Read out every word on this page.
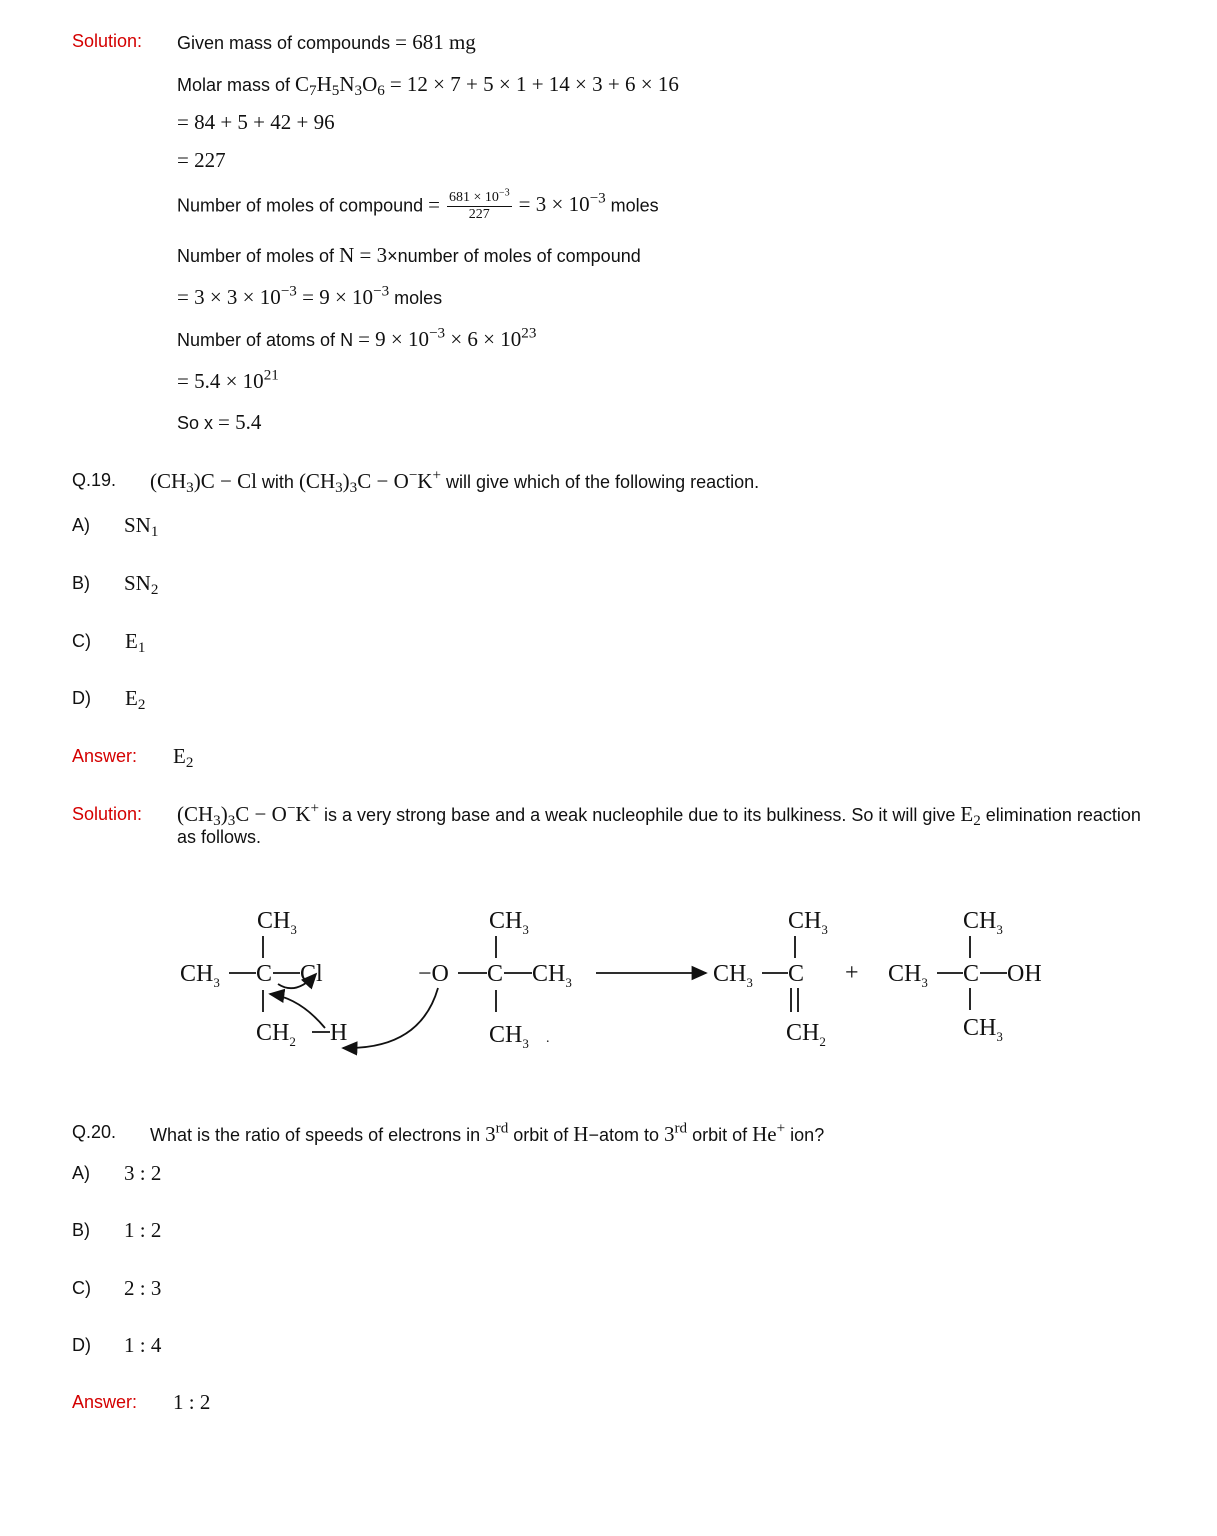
Solution: Given mass of compounds = 681 mg
Molar mass of $C_7H_5N_3O_6 = 12 \times 7 + 5 \times 1 + 14 \times 3 + 6 \times 16$
= 84 + 5 + 42 + 96
= 227
Number of moles of compound = $\frac{681 \times 10^{-3}}{227} = 3 \times 10^{-3}$ moles
Number of moles of N = 3×number of moles of compound
= $3 \times 3 \times 10^{-3} = 9 \times 10^{-3}$ moles
Number of atoms of $N = 9 \times 10^{-3} \times 6 \times 10^{23}$
= $5.4 \times 10^{21}$
So x = 5.4
Q.19. $(CH_3)C - Cl$ with $(CH_3)_3C - O^-K^+$ will give which of the following reaction.
A) $SN_1$
B) $SN_2$
C) $E_1$
D) $E_2$
Answer: $E_2$
Solution: $(CH_3)_3C - O^-K^+$ is a very strong base and a weak nucleophile due to its bulkiness. So it will give $E_2$ elimination reaction
as follows.
$CH_3$
$CH_3$ C Cl
$CH_2$ H
$CH_3$
−O C $CH_3$
$CH_3$ .
$CH_3$
$CH_3$ C
$CH_2$
+
$CH_3$
$CH_3$ C OH
$CH_3$
Q.20. What is the ratio of speeds of electrons in 3rd orbit of H−atom to 3rd orbit of He+ ion?
A) 3 : 2
B) 1 : 2
C) 2 : 3
D) 1 : 4
Answer: 1 : 2
